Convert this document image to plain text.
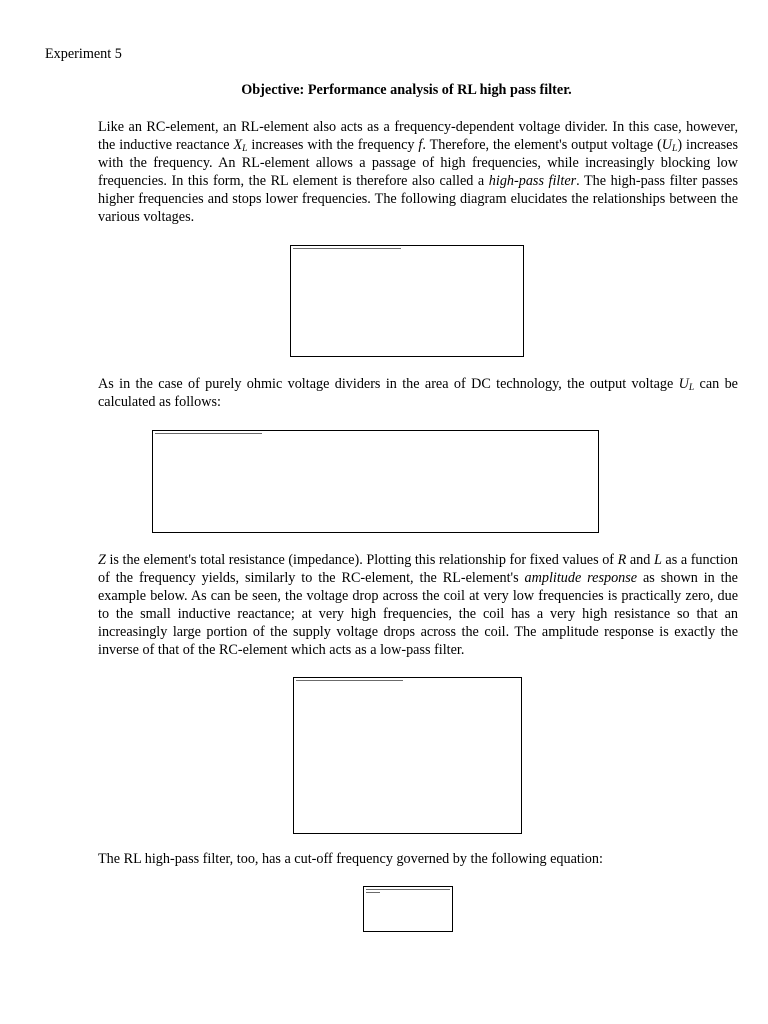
Experiment 5
Objective: Performance analysis of RL high pass filter.

Like an RC-element, an RL-element also acts as a frequency-dependent voltage divider. In this case, however, the inductive reactance $X_L$ increases with the frequency f. Therefore, the element's output voltage $(U_L)$ increases with the frequency. An RL-element allows a passage of high frequencies, while increasingly blocking low frequencies. In this form, the RL element is therefore also called a high-pass filter. The high-pass filter passes higher frequencies and stops lower frequencies. The following diagram elucidates the relationships between the various voltages.

As in the case of purely ohmic voltage dividers in the area of DC technology, the output voltage $U_L$ can be calculated as follows:

Z is the element's total resistance (impedance). Plotting this relationship for fixed values of R and L as a function of the frequency yields, similarly to the RC-element, the RL-element's amplitude response as shown in the example below. As can be seen, the voltage drop across the coil at very low frequencies is practically zero, due to the small inductive reactance; at very high frequencies, the coil has a very high resistance so that an increasingly large portion of the supply voltage drops across the coil. The amplitude response is exactly the inverse of that of the RC-element which acts as a low-pass filter.

The RL high-pass filter, too, has a cut-off frequency governed by the following equation:
